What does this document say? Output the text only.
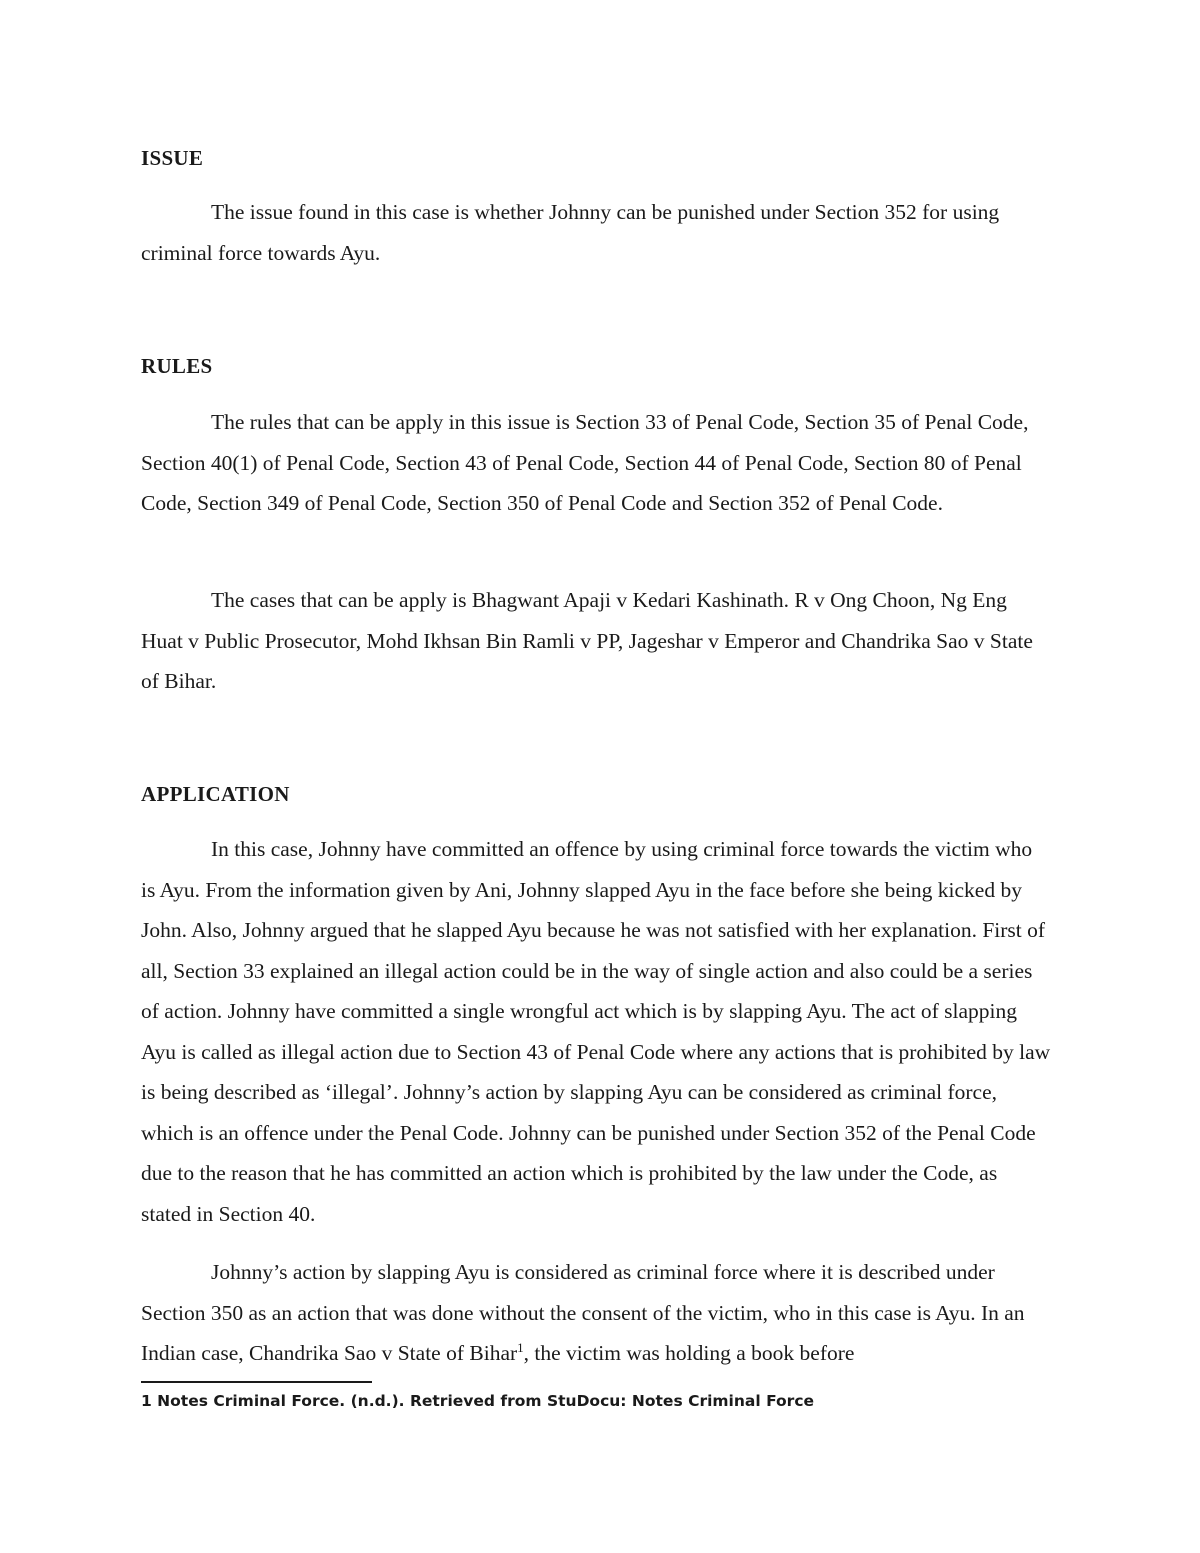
ISSUE

The issue found in this case is whether Johnny can be punished under Section 352 for using criminal force towards Ayu.

RULES

The rules that can be apply in this issue is Section 33 of Penal Code, Section 35 of Penal Code, Section 40(1) of Penal Code, Section 43 of Penal Code, Section 44 of Penal Code, Section 80 of Penal Code, Section 349 of Penal Code, Section 350 of Penal Code and Section 352 of Penal Code.

The cases that can be apply is Bhagwant Apaji v Kedari Kashinath. R v Ong Choon, Ng Eng Huat v Public Prosecutor, Mohd Ikhsan Bin Ramli v PP, Jageshar v Emperor and Chandrika Sao v State of Bihar.

APPLICATION

In this case, Johnny have committed an offence by using criminal force towards the victim who is Ayu. From the information given by Ani, Johnny slapped Ayu in the face before she being kicked by John. Also, Johnny argued that he slapped Ayu because he was not satisfied with her explanation. First of all, Section 33 explained an illegal action could be in the way of single action and also could be a series of action. Johnny have committed a single wrongful act which is by slapping Ayu. The act of slapping Ayu is called as illegal action due to Section 43 of Penal Code where any actions that is prohibited by law is being described as ‘illegal’. Johnny’s action by slapping Ayu can be considered as criminal force, which is an offence under the Penal Code. Johnny can be punished under Section 352 of the Penal Code due to the reason that he has committed an action which is prohibited by the law under the Code, as stated in Section 40.

Johnny’s action by slapping Ayu is considered as criminal force where it is described under Section 350 as an action that was done without the consent of the victim, who in this case is Ayu. In an Indian case, Chandrika Sao v State of Bihar$^1$, the victim was holding a book before

1 Notes Criminal Force. (n.d.). Retrieved from StuDocu: Notes Criminal Force
